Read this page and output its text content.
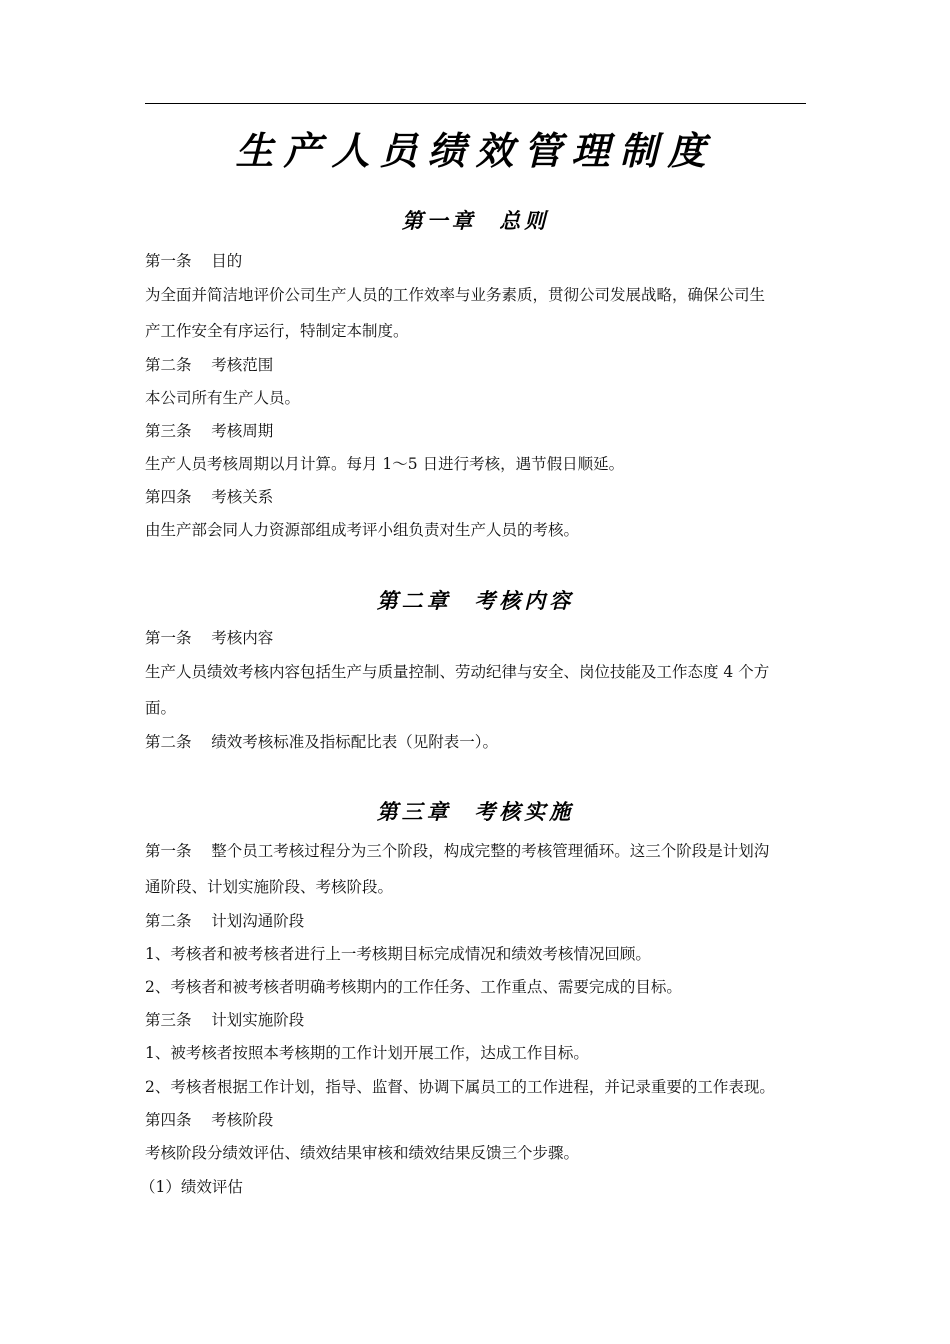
生产人员绩效管理制度
第一章  总则
第一条    目的
为全面并简洁地评价公司生产人员的工作效率与业务素质，贯彻公司发展战略，确保公司生
产工作安全有序运行，特制定本制度。
第二条    考核范围
本公司所有生产人员。
第三条    考核周期
生产人员考核周期以月计算。每月 1～5 日进行考核，遇节假日顺延。
第四条    考核关系
由生产部会同人力资源部组成考评小组负责对生产人员的考核。
第二章  考核内容
第一条    考核内容
生产人员绩效考核内容包括生产与质量控制、劳动纪律与安全、岗位技能及工作态度 4 个方
面。
第二条    绩效考核标准及指标配比表（见附表一）。
第三章  考核实施
第一条    整个员工考核过程分为三个阶段，构成完整的考核管理循环。这三个阶段是计划沟
通阶段、计划实施阶段、考核阶段。
第二条    计划沟通阶段
1、考核者和被考核者进行上一考核期目标完成情况和绩效考核情况回顾。
2、考核者和被考核者明确考核期内的工作任务、工作重点、需要完成的目标。
第三条    计划实施阶段
1、被考核者按照本考核期的工作计划开展工作，达成工作目标。
2、考核者根据工作计划，指导、监督、协调下属员工的工作进程，并记录重要的工作表现。
第四条    考核阶段
考核阶段分绩效评估、绩效结果审核和绩效结果反馈三个步骤。
（1）绩效评估
